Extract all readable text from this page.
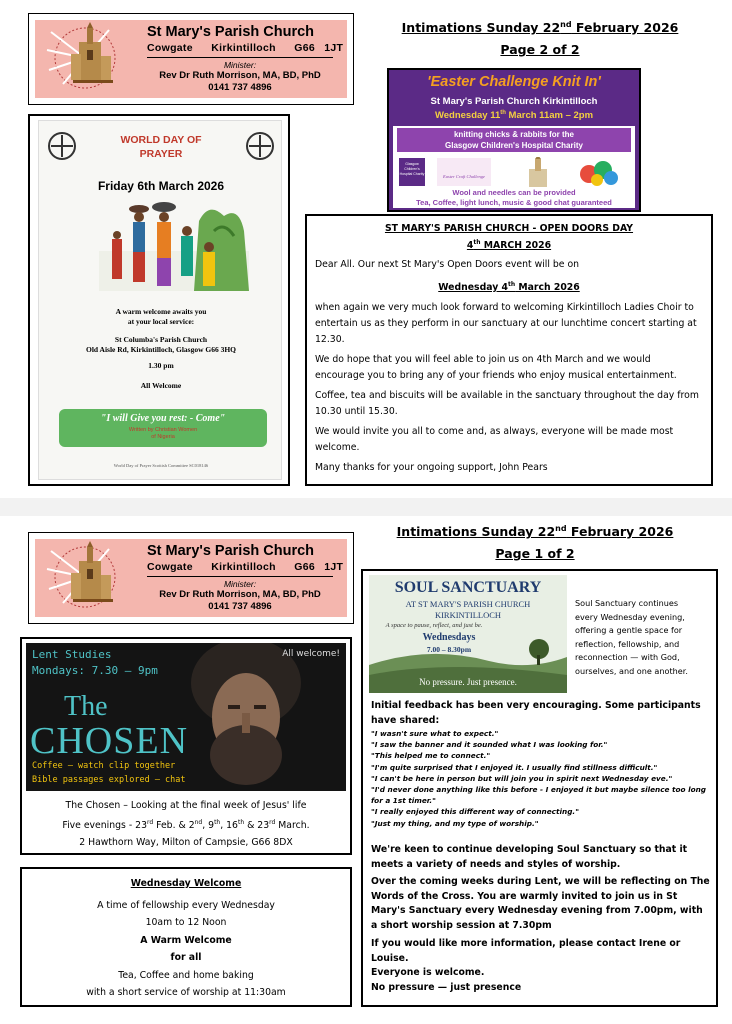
St Mary's Parish Church
Cowgate  Kirkintilloch  G66 1JT
Minister:
Rev Dr Ruth Morrison, MA, BD, PhD
0141 737 4896
Intimations Sunday 22nd February 2026
Page 2 of 2
WORLD DAY OF
PRAYER
Friday 6th March 2026
A warm welcome awaits you
at your local service:
St Columba's Parish Church
Old Aisle Rd, Kirkintilloch, Glasgow G66 3HQ
1.30 pm
All Welcome
"I will Give you rest: - Come"
Written by Christian Women
of Nigeria
World Day of Prayer Scottish Committee SC018146
'Easter Challenge Knit In'
St Mary's Parish Church Kirkintilloch
Wednesday 11th March 11am – 2pm
knitting chicks & rabbits for the
Glasgow Children's Hospital Charity
Glasgow Children's Hospital Charity	Easter Craft Challenge
Wool and needles can be provided
Tea, Coffee, light lunch, music & good chat guaranteed
ST MARY'S PARISH CHURCH - OPEN DOORS DAY
4th MARCH 2026

Dear All. Our next St Mary's Open Doors event will be on

Wednesday 4th March 2026

when again we very much look forward to welcoming Kirkintilloch Ladies Choir to entertain us as they perform in our sanctuary at our lunchtime concert starting at 12.30.

We do hope that you will feel able to join us on 4th March and we would encourage you to bring any of your friends who enjoy musical entertainment.

Coffee, tea and biscuits will be available in the sanctuary throughout the day from 10.30 until 15.30.

We would invite you all to come and, as always, everyone will be made most welcome.

Many thanks for your ongoing support, John Pears

St Mary's Parish Church
Cowgate  Kirkintilloch  G66 1JT
Minister:
Rev Dr Ruth Morrison, MA, BD, PhD
0141 737 4896
Intimations Sunday 22nd February 2026
Page 1 of 2
Lent Studies
Mondays: 7.30 – 9pm
All welcome!
The
CHOSEN
Coffee – watch clip together
Bible passages explored – chat
The Chosen – Looking at the final week of Jesus' life
Five evenings - 23rd Feb. & 2nd, 9th, 16th & 23rd March.
2 Hawthorn Way, Milton of Campsie, G66 8DX
Wednesday Welcome
A time of fellowship every Wednesday
10am to 12 Noon
A Warm Welcome
for all
Tea, Coffee and home baking
with a short service of worship at 11:30am
SOUL SANCTUARY
AT ST MARY'S PARISH CHURCH
KIRKINTILLOCH
A space to pause, reflect, and just be.
Wednesdays
7.00 – 8.30pm
No pressure. Just presence.
Soul Sanctuary continues
every Wednesday evening,
offering a gentle space for
reflection, fellowship, and
reconnection — with God,
ourselves, and one another.
Initial feedback has been very encouraging. Some participants have shared:
"I wasn't sure what to expect."
"I saw the banner and it sounded what I was looking for."
"This helped me to connect."
"I'm quite surprised that I enjoyed it. I usually find stillness difficult."
"I can't be here in person but will join you in spirit next Wednesday eve."
"I'd never done anything like this before - I enjoyed it but maybe silence too long for a 1st timer."
"I really enjoyed this different way of connecting."
"Just my thing, and my type of worship."
We're keen to continue developing Soul Sanctuary so that it meets a variety of needs and styles of worship.
Over the coming weeks during Lent, we will be reflecting on The Words of the Cross. You are warmly invited to join us in St Mary's Sanctuary every Wednesday evening from 7.00pm, with a short worship session at 7.30pm
If you would like more information, please contact Irene or Louise.
Everyone is welcome.
No pressure — just presence
